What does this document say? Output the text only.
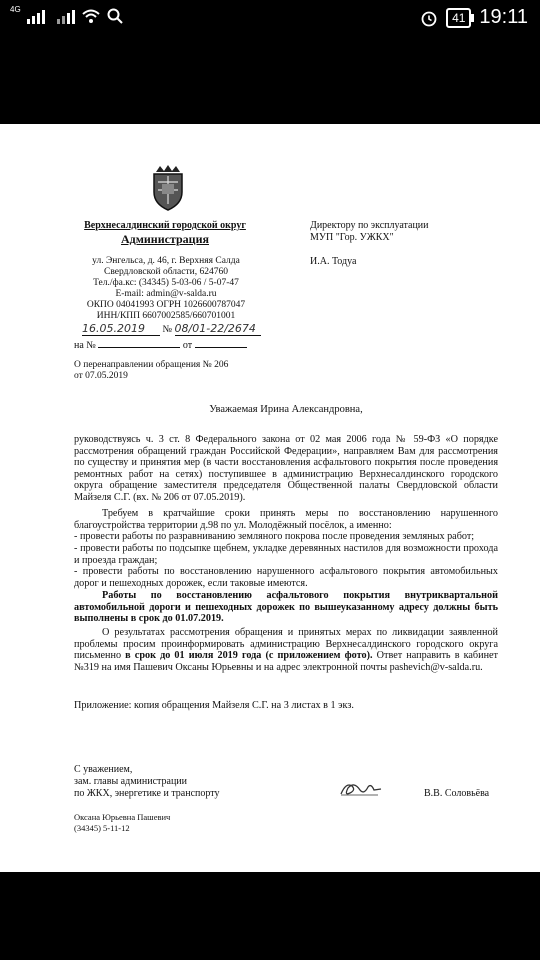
4G
41 19:11
Верхнесалдинский городской округ
Администрация
ул. Энгельса, д. 46, г. Верхняя Салда
Свердловской области, 624760
Тел./фа.кс: (34345) 5-03-06 / 5-07-47
E-mail: admin@v-salda.ru
ОКПО 04041993 ОГРН 1026600787047
ИНН/КПП 6607002585/660701001
16.05.2019 № 08/01-22/2674
на №	от
О перенаправлении обращения № 206 от 07.05.2019
Директору по эксплуатации
МУП "Гор. УЖКХ"
И.А. Тодуа
Уважаемая Ирина Александровна,
руководствуясь ч. 3 ст. 8 Федерального закона от 02 мая 2006 года № 59-ФЗ «О порядке рассмотрения обращений граждан Российской Федерации», направляем Вам для рассмотрения по существу и принятия мер (в части восстановления асфальтового покрытия после проведения ремонтных работ на сетях) поступившее в администрацию Верхнесалдинского городского округа обращение заместителя председателя Общественной палаты Свердловской области Майзеля С.Г. (вх. № 206 от 07.05.2019).
Требуем в кратчайшие сроки принять меры по восстановлению нарушенного благоустройства территории д.98 по ул. Молодёжный посёлок, а именно:
- провести работы по разравниванию земляного покрова после проведения земляных работ;
- провести работы по подсыпке щебнем, укладке деревянных настилов для возможности прохода и проезда граждан;
- провести работы по восстановлению нарушенного асфальтового покрытия автомобильных дорог и пешеходных дорожек, если таковые имеются.
Работы по восстановлению асфальтового покрытия внутриквартальной автомобильной дороги и пешеходных дорожек по вышеуказанному адресу должны быть выполнены в срок до 01.07.2019.
О результатах рассмотрения обращения и принятых мерах по ликвидации заявленной проблемы просим проинформировать администрацию Верхнесалдинского городского округа письменно в срок до 01 июля 2019 года (с приложением фото). Ответ направить в кабинет №319 на имя Пашевич Оксаны Юрьевны и на адрес электронной почты pashevich@v-salda.ru.
Приложение: копия обращения Майзеля С.Г. на 3 листах в 1 экз.
С уважением,
зам. главы администрации
по ЖКХ, энергетике и транспорту	В.В. Соловьёва
Оксана Юрьевна Пашевич
(34345) 5-11-12
